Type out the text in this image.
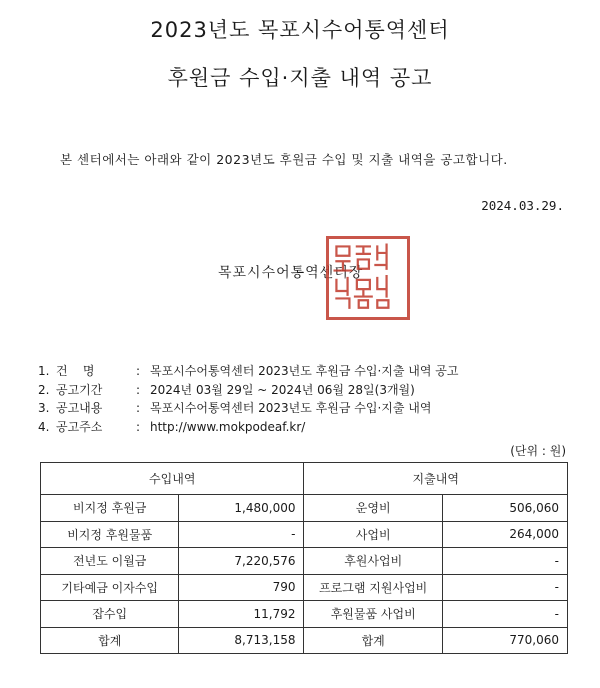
2023년도 목포시수어통역센터
후원금 수입·지출 내역 공고
본 센터에서는 아래와 같이 2023년도 후원금 수입 및 지출 내역을 공고합니다.
2024.03.29.
목포시수어통역센터장
1. 건    명	: 목포시수어통역센터 2023년도 후원금 수입·지출 내역 공고
2. 공고기간	: 2024년 03월 29일 ~ 2024년 06월 28일(3개월)
3. 공고내용	: 목포시수어통역센터 2023년도 후원금 수입·지출 내역
4. 공고주소	: http://www.mokpodeaf.kr/
(단위 : 원)
수입내역		지출내역	
비지정 후원금	1,480,000	운영비	506,060
비지정 후원물품	-	사업비	264,000
전년도 이월금	7,220,576	후원사업비	-
기타예금 이자수입	790	프로그램 지원사업비	-
잡수입	11,792	후원물품 사업비	-
합계	8,713,158	합계	770,060
